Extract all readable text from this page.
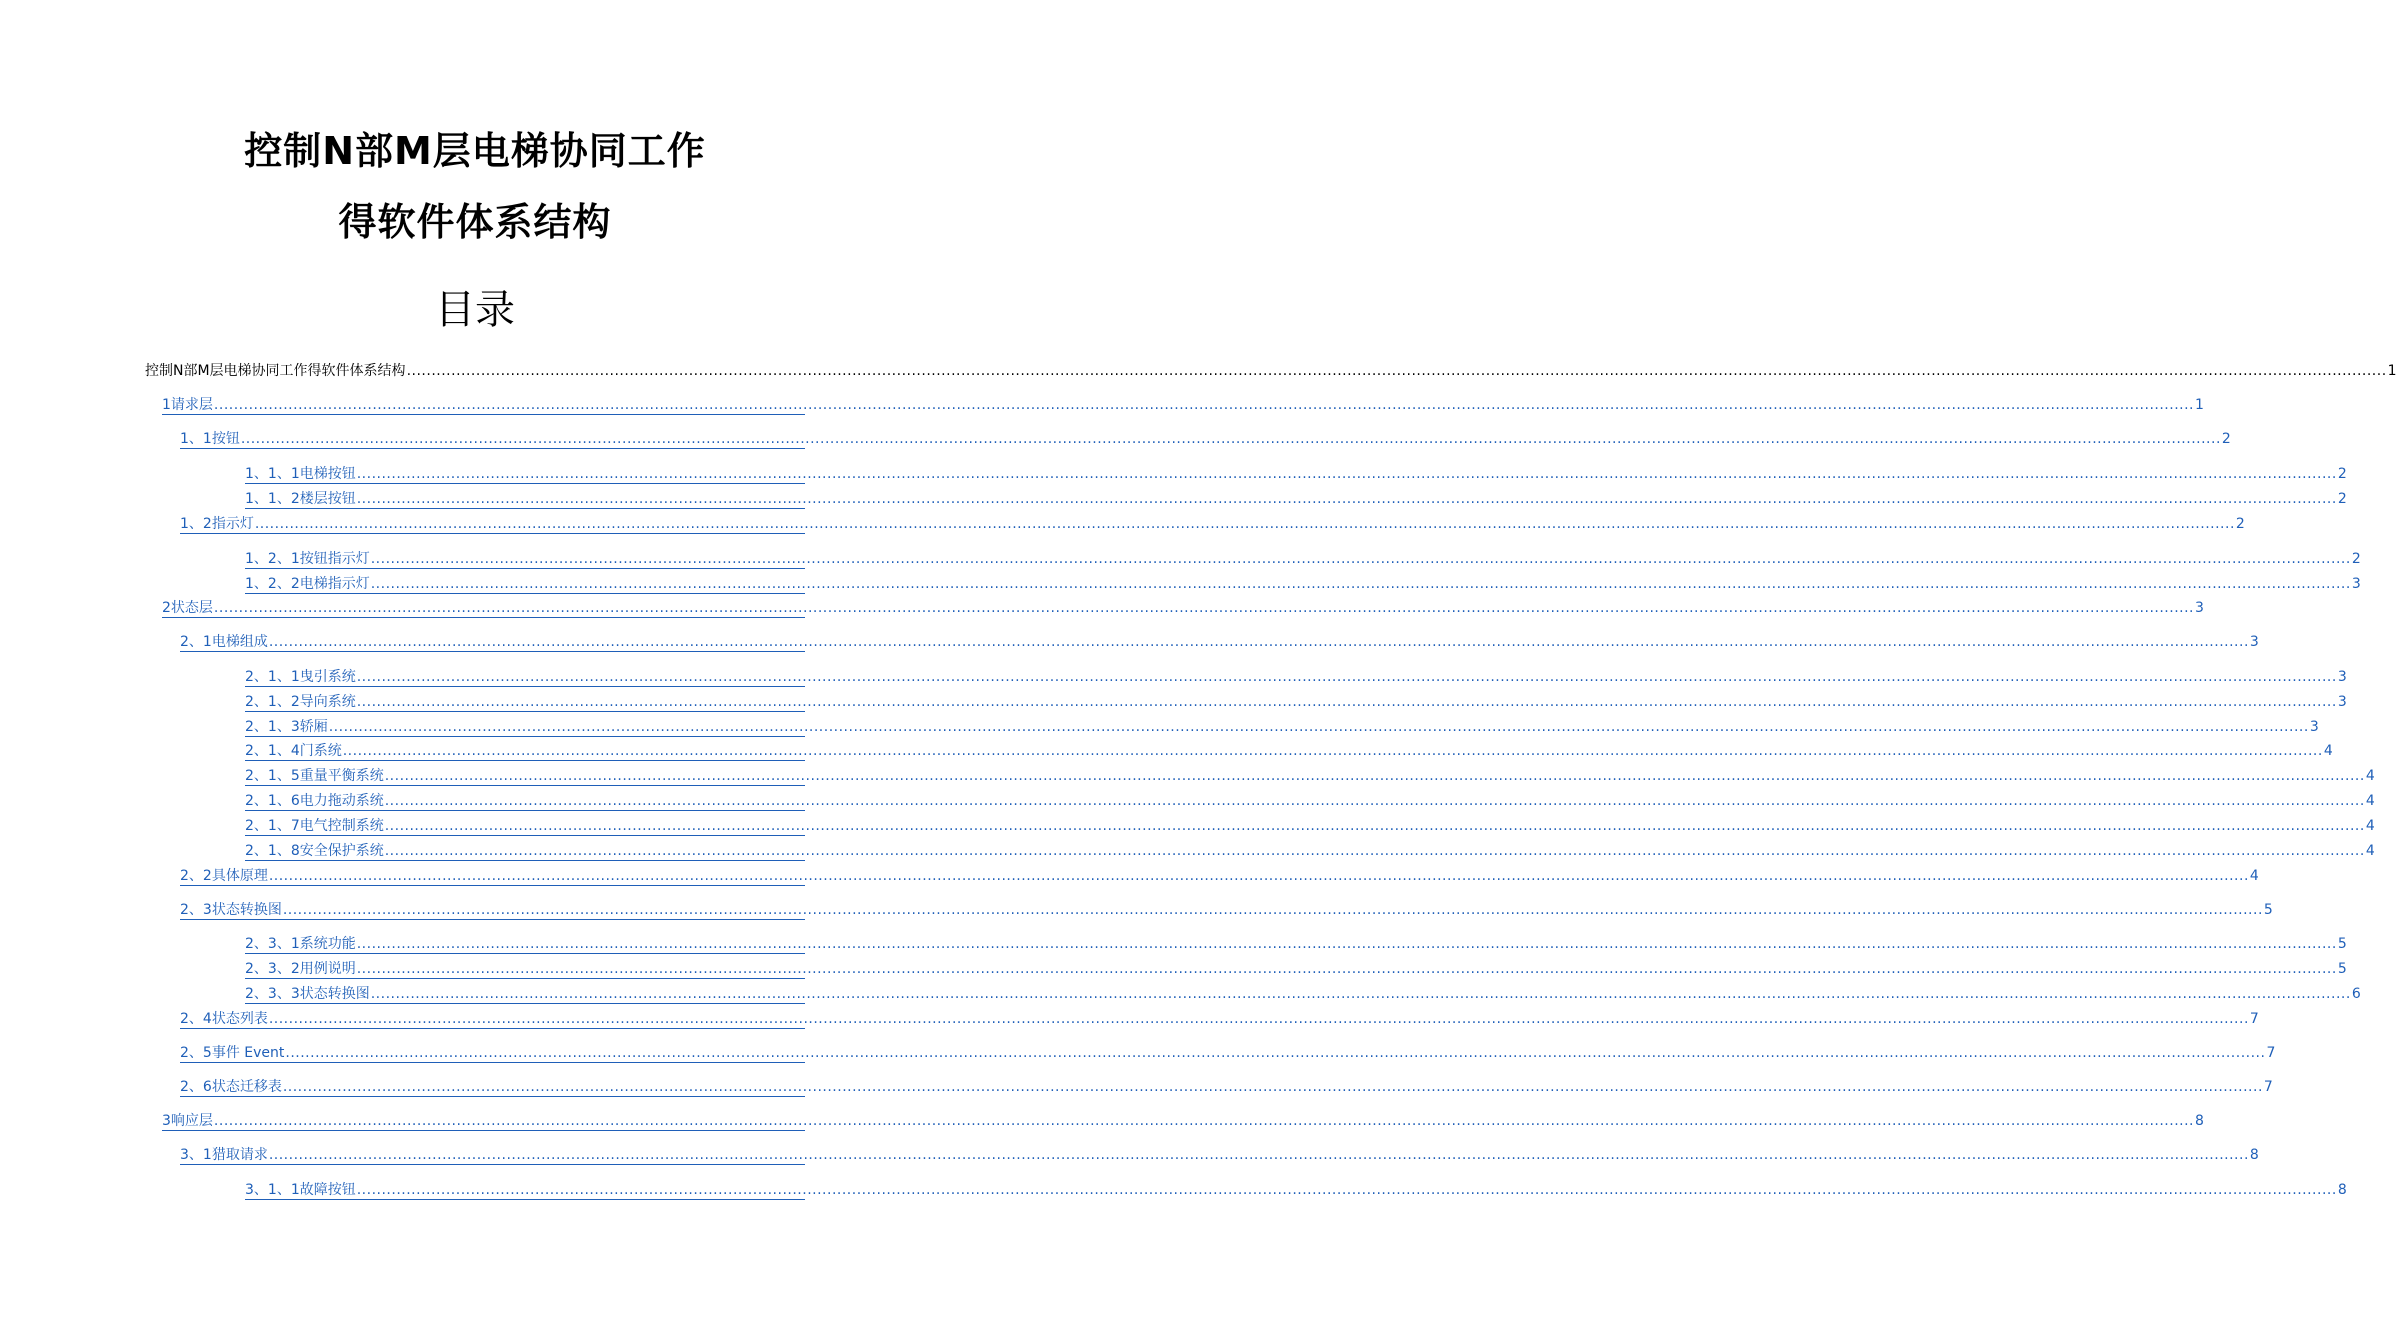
控制N部M层电梯协同工作
得软件体系结构
目录
控制N部M层电梯协同工作得软件体系结构 ................................................................................................................................................................................................................................................................................................................................................................................................................ 1
1请求层 ................................................................................................................................................................................................................................................................................................................................................................................................................ 1
1、1按钮 ................................................................................................................................................................................................................................................................................................................................................................................................................ 2
1、1、1电梯按钮 ................................................................................................................................................................................................................................................................................................................................................................................................................ 2
1、1、2楼层按钮 ................................................................................................................................................................................................................................................................................................................................................................................................................ 2
1、2指示灯 ................................................................................................................................................................................................................................................................................................................................................................................................................ 2
1、2、1按钮指示灯 ................................................................................................................................................................................................................................................................................................................................................................................................................ 2
1、2、2电梯指示灯 ................................................................................................................................................................................................................................................................................................................................................................................................................ 3
2状态层 ................................................................................................................................................................................................................................................................................................................................................................................................................ 3
2、1电梯组成 ................................................................................................................................................................................................................................................................................................................................................................................................................ 3
2、1、1曳引系统 ................................................................................................................................................................................................................................................................................................................................................................................................................ 3
2、1、2导向系统 ................................................................................................................................................................................................................................................................................................................................................................................................................ 3
2、1、3轿厢 ................................................................................................................................................................................................................................................................................................................................................................................................................ 3
2、1、4门系统 ................................................................................................................................................................................................................................................................................................................................................................................................................ 4
2、1、5重量平衡系统 ................................................................................................................................................................................................................................................................................................................................................................................................................ 4
2、1、6电力拖动系统 ................................................................................................................................................................................................................................................................................................................................................................................................................ 4
2、1、7电气控制系统 ................................................................................................................................................................................................................................................................................................................................................................................................................ 4
2、1、8安全保护系统 ................................................................................................................................................................................................................................................................................................................................................................................................................ 4
2、2具体原理 ................................................................................................................................................................................................................................................................................................................................................................................................................ 4
2、3状态转换图 ................................................................................................................................................................................................................................................................................................................................................................................................................ 5
2、3、1系统功能 ................................................................................................................................................................................................................................................................................................................................................................................................................ 5
2、3、2用例说明 ................................................................................................................................................................................................................................................................................................................................................................................................................ 5
2、3、3状态转换图 ................................................................................................................................................................................................................................................................................................................................................................................................................ 6
2、4状态列表 ................................................................................................................................................................................................................................................................................................................................................................................................................ 7
2、5事件 Event ................................................................................................................................................................................................................................................................................................................................................................................................................ 7
2、6状态迁移表 ................................................................................................................................................................................................................................................................................................................................................................................................................ 7
3响应层 ................................................................................................................................................................................................................................................................................................................................................................................................................ 8
3、1猎取请求 ................................................................................................................................................................................................................................................................................................................................................................................................................ 8
3、1、1故障按钮 ................................................................................................................................................................................................................................................................................................................................................................................................................ 8
